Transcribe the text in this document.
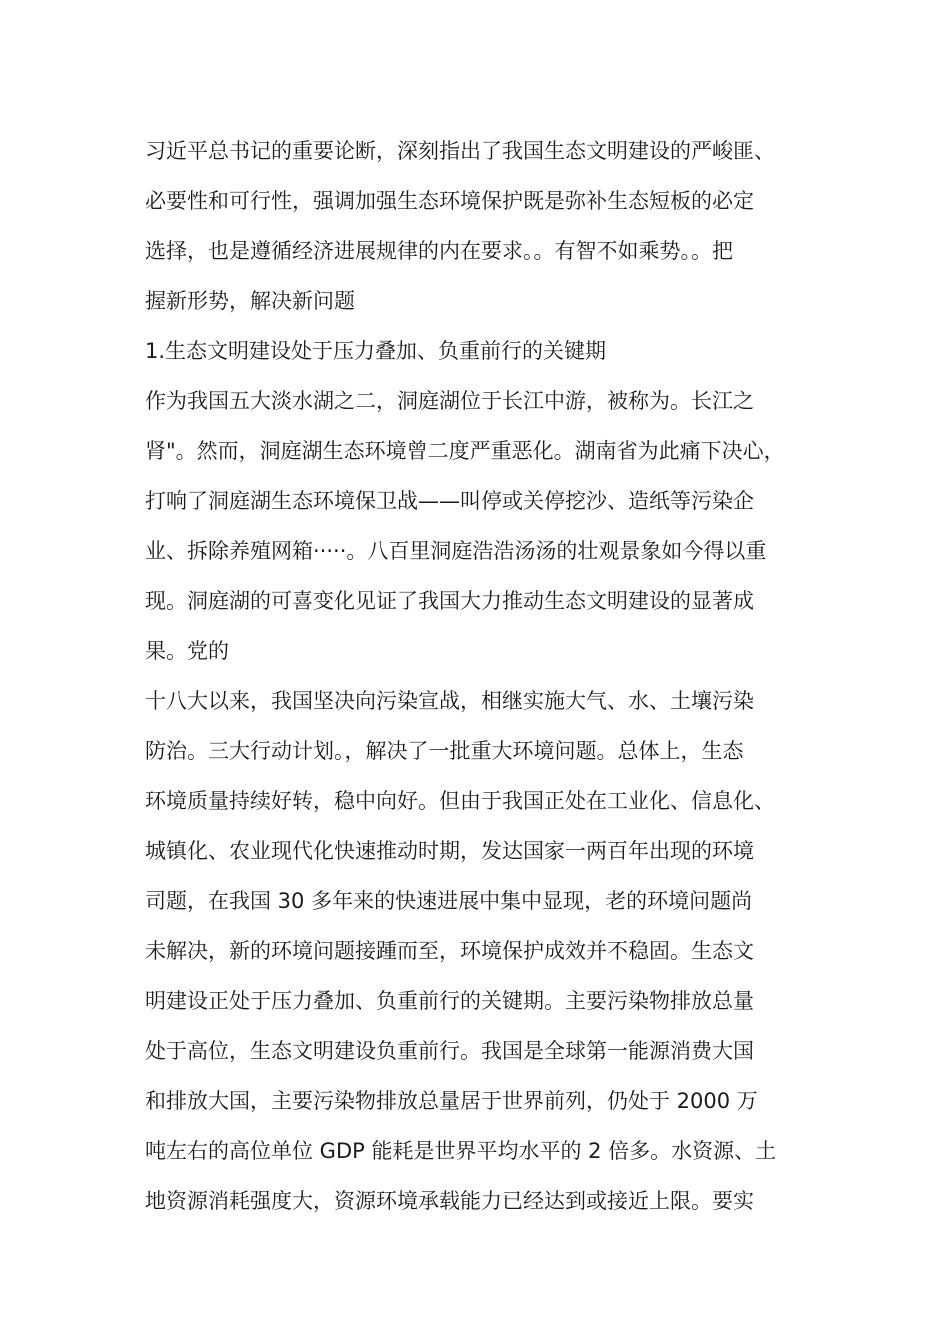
习近平总书记的重要论断，深刻指出了我国生态文明建设的严峻匪、
必要性和可行性，强调加强生态环境保护既是弥补生态短板的必定
选择，也是遵循经济进展规律的内在要求。。有智不如乘势。。把
握新形势，解决新问题
1.生态文明建设处于压力叠加、负重前行的关键期
作为我国五大淡水湖之二，洞庭湖位于长江中游，被称为。长江之
肾"。然而，洞庭湖生态环境曾二度严重恶化。湖南省为此痛下决心，
打响了洞庭湖生态环境保卫战——叫停或关停挖沙、造纸等污染企
业、拆除养殖网箱·····。八百里洞庭浩浩汤汤的壮观景象如今得以重
现。洞庭湖的可喜变化见证了我国大力推动生态文明建设的显著成
果。党的
十八大以来，我国坚决向污染宣战，相继实施大气、水、土壤污染
防治。三大行动计划。，解决了一批重大环境问题。总体上，生态
环境质量持续好转，稳中向好。但由于我国正处在工业化、信息化、
城镇化、农业现代化快速推动时期，发达国家一两百年出现的环境
司题，在我国 30 多年来的快速进展中集中显现，老的环境问题尚
未解决，新的环境问题接踵而至，环境保护成效并不稳固。生态文
明建设正处于压力叠加、负重前行的关键期。主要污染物排放总量
处于高位，生态文明建设负重前行。我国是全球第一能源消费大国
和排放大国，主要污染物排放总量居于世界前列，仍处于 2000 万
吨左右的高位单位 GDP 能耗是世界平均水平的 2 倍多。水资源、土
地资源消耗强度大，资源环境承载能力已经达到或接近上限。要实
